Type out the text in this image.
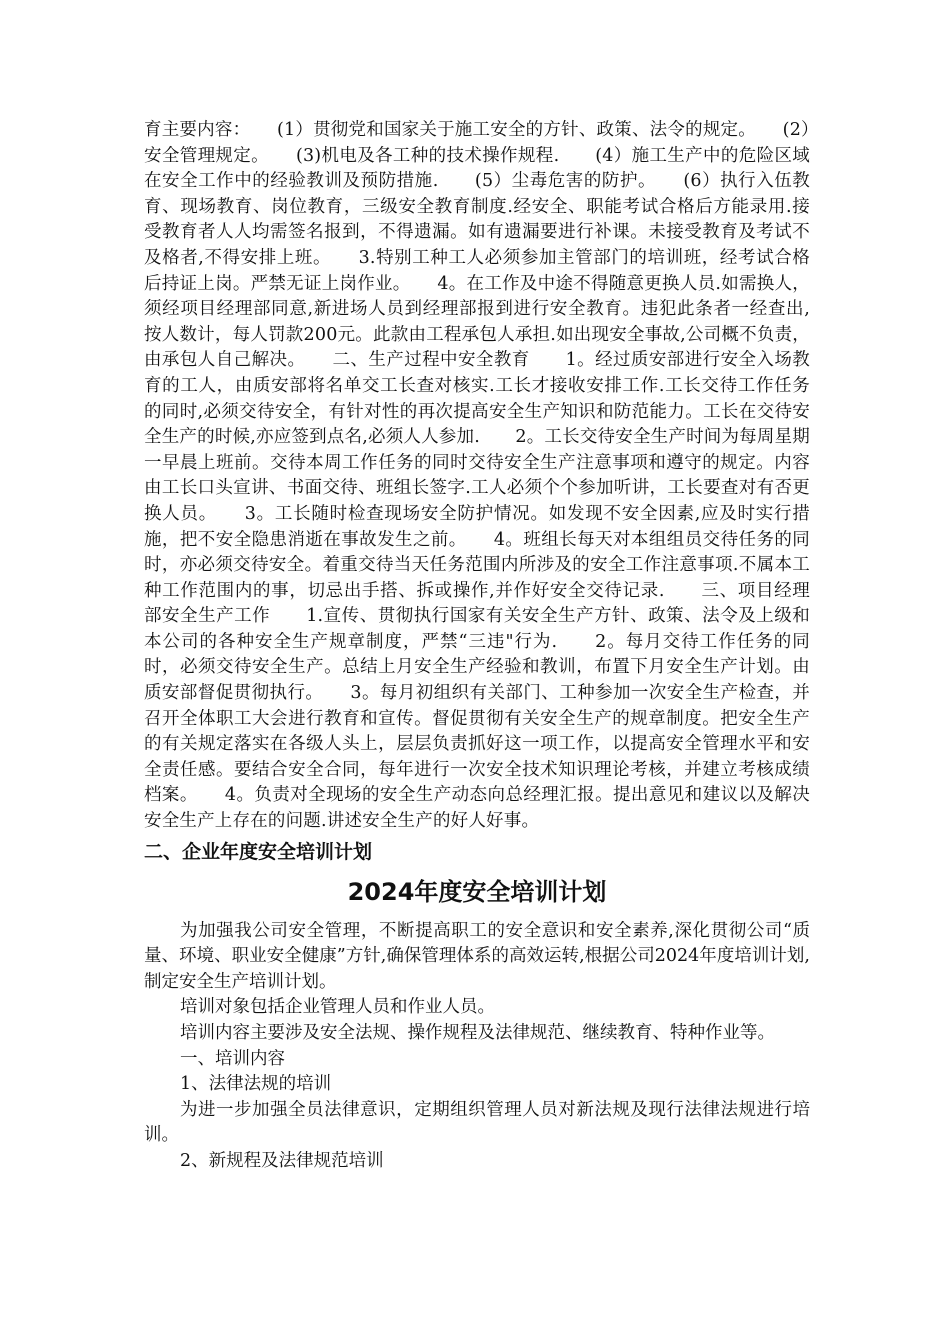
育主要内容：　　(1）贯彻党和国家关于施工安全的方针、政策、法令的规定。　　(2）安全管理规定。　　(3)机电及各工种的技术操作规程.　　(4）施工生产中的危险区域在安全工作中的经验教训及预防措施.　　(5）尘毒危害的防护。　　(6）执行入伍教育、现场教育、岗位教育，三级安全教育制度.经安全、职能考试合格后方能录用.接受教育者人人均需签名报到，不得遗漏。如有遗漏要进行补课。未接受教育及考试不及格者,不得安排上班。　　3.特别工种工人必须参加主管部门的培训班，经考试合格后持证上岗。严禁无证上岗作业。　　4。在工作及中途不得随意更换人员.如需换人，须经项目经理部同意,新进场人员到经理部报到进行安全教育。违犯此条者一经查出,按人数计，每人罚款200元。此款由工程承包人承担.如出现安全事故,公司概不负责，由承包人自己解决。　　二、生产过程中安全教育　　1。经过质安部进行安全入场教育的工人，由质安部将名单交工长查对核实.工长才接收安排工作.工长交待工作任务的同时,必须交待安全，有针对性的再次提高安全生产知识和防范能力。工长在交待安全生产的时候,亦应签到点名,必须人人参加.　　2。工长交待安全生产时间为每周星期一早晨上班前。交待本周工作任务的同时交待安全生产注意事项和遵守的规定。内容由工长口头宣讲、书面交待、班组长签字.工人必须个个参加听讲，工长要查对有否更换人员。　　3。工长随时检查现场安全防护情况。如发现不安全因素,应及时实行措施，把不安全隐患消逝在事故发生之前。　　4。班组长每天对本组组员交待任务的同时，亦必须交待安全。着重交待当天任务范围内所涉及的安全工作注意事项.不属本工种工作范围内的事，切忌出手搭、拆或操作,并作好安全交待记录.　　三、项目经理部安全生产工作　　1.宣传、贯彻执行国家有关安全生产方针、政策、法令及上级和本公司的各种安全生产规章制度，严禁“三违"行为.　　2。每月交待工作任务的同时，必须交待安全生产。总结上月安全生产经验和教训，布置下月安全生产计划。由质安部督促贯彻执行。　　3。每月初组织有关部门、工种参加一次安全生产检查，并召开全体职工大会进行教育和宣传。督促贯彻有关安全生产的规章制度。把安全生产的有关规定落实在各级人头上，层层负责抓好这一项工作，以提高安全管理水平和安全责任感。要结合安全合同，每年进行一次安全技术知识理论考核，并建立考核成绩档案。　　4。负责对全现场的安全生产动态向总经理汇报。提出意见和建议以及解决安全生产上存在的问题.讲述安全生产的好人好事。
二、企业年度安全培训计划
2024年度安全培训计划

为加强我公司安全管理，不断提高职工的安全意识和安全素养,深化贯彻公司“质量、环境、职业安全健康”方针,确保管理体系的高效运转,根据公司2024年度培训计划,制定安全生产培训计划。

培训对象包括企业管理人员和作业人员。

培训内容主要涉及安全法规、操作规程及法律规范、继续教育、特种作业等。

一、培训内容

1、法律法规的培训

为进一步加强全员法律意识，定期组织管理人员对新法规及现行法律法规进行培训。

2、新规程及法律规范培训
